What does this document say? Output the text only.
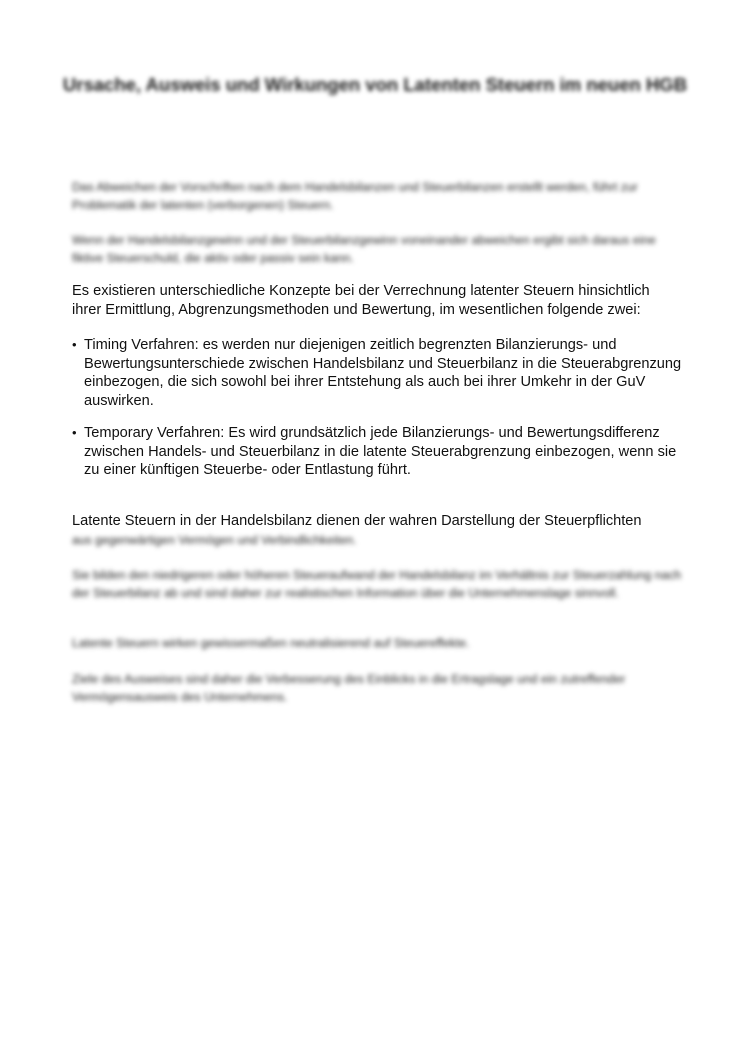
Ursache, Ausweis und Wirkungen von Latenten Steuern im neuen HGB

Das Abweichen der Vorschriften nach dem Handelsbilanzen und Steuerbilanzen erstellt werden, führt zur Problematik der latenten (verborgenen) Steuern.

Wenn der Handelsbilanzgewinn und der Steuerbilanzgewinn voneinander abweichen ergibt sich daraus eine fiktive Steuerschuld, die aktiv oder passiv sein kann.

Es existieren unterschiedliche Konzepte bei der Verrechnung latenter Steuern hinsichtlich ihrer Ermittlung, Abgrenzungsmethoden und Bewertung, im wesentlichen folgende zwei:

• Timing Verfahren: es werden nur diejenigen zeitlich begrenzten Bilanzierungs- und Bewertungsunterschiede zwischen Handelsbilanz und Steuerbilanz in die Steuerabgrenzung einbezogen, die sich sowohl bei ihrer Entstehung als auch bei ihrer Umkehr in der GuV auswirken.
• Temporary Verfahren: Es wird grundsätzlich jede Bilanzierungs- und Bewertungsdifferenz zwischen Handels- und Steuerbilanz in die latente Steuerabgrenzung einbezogen, wenn sie zu einer künftigen Steuerbe- oder Entlastung führt.
Latente Steuern in der Handelsbilanz dienen der wahren Darstellung der Steuerpflichten
aus gegenwärtigen Vermögen und Verbindlichkeiten.

Sie bilden den niedrigeren oder höheren Steueraufwand der Handelsbilanz im Verhältnis zur Steuerzahlung nach der Steuerbilanz ab und sind daher zur realistischen Information über die Unternehmenslage sinnvoll.

Latente Steuern wirken gewissermaßen neutralisierend auf Steuereffekte.

Ziele des Ausweises sind daher die Verbesserung des Einblicks in die Ertragslage und ein zutreffender Vermögensausweis des Unternehmens.
